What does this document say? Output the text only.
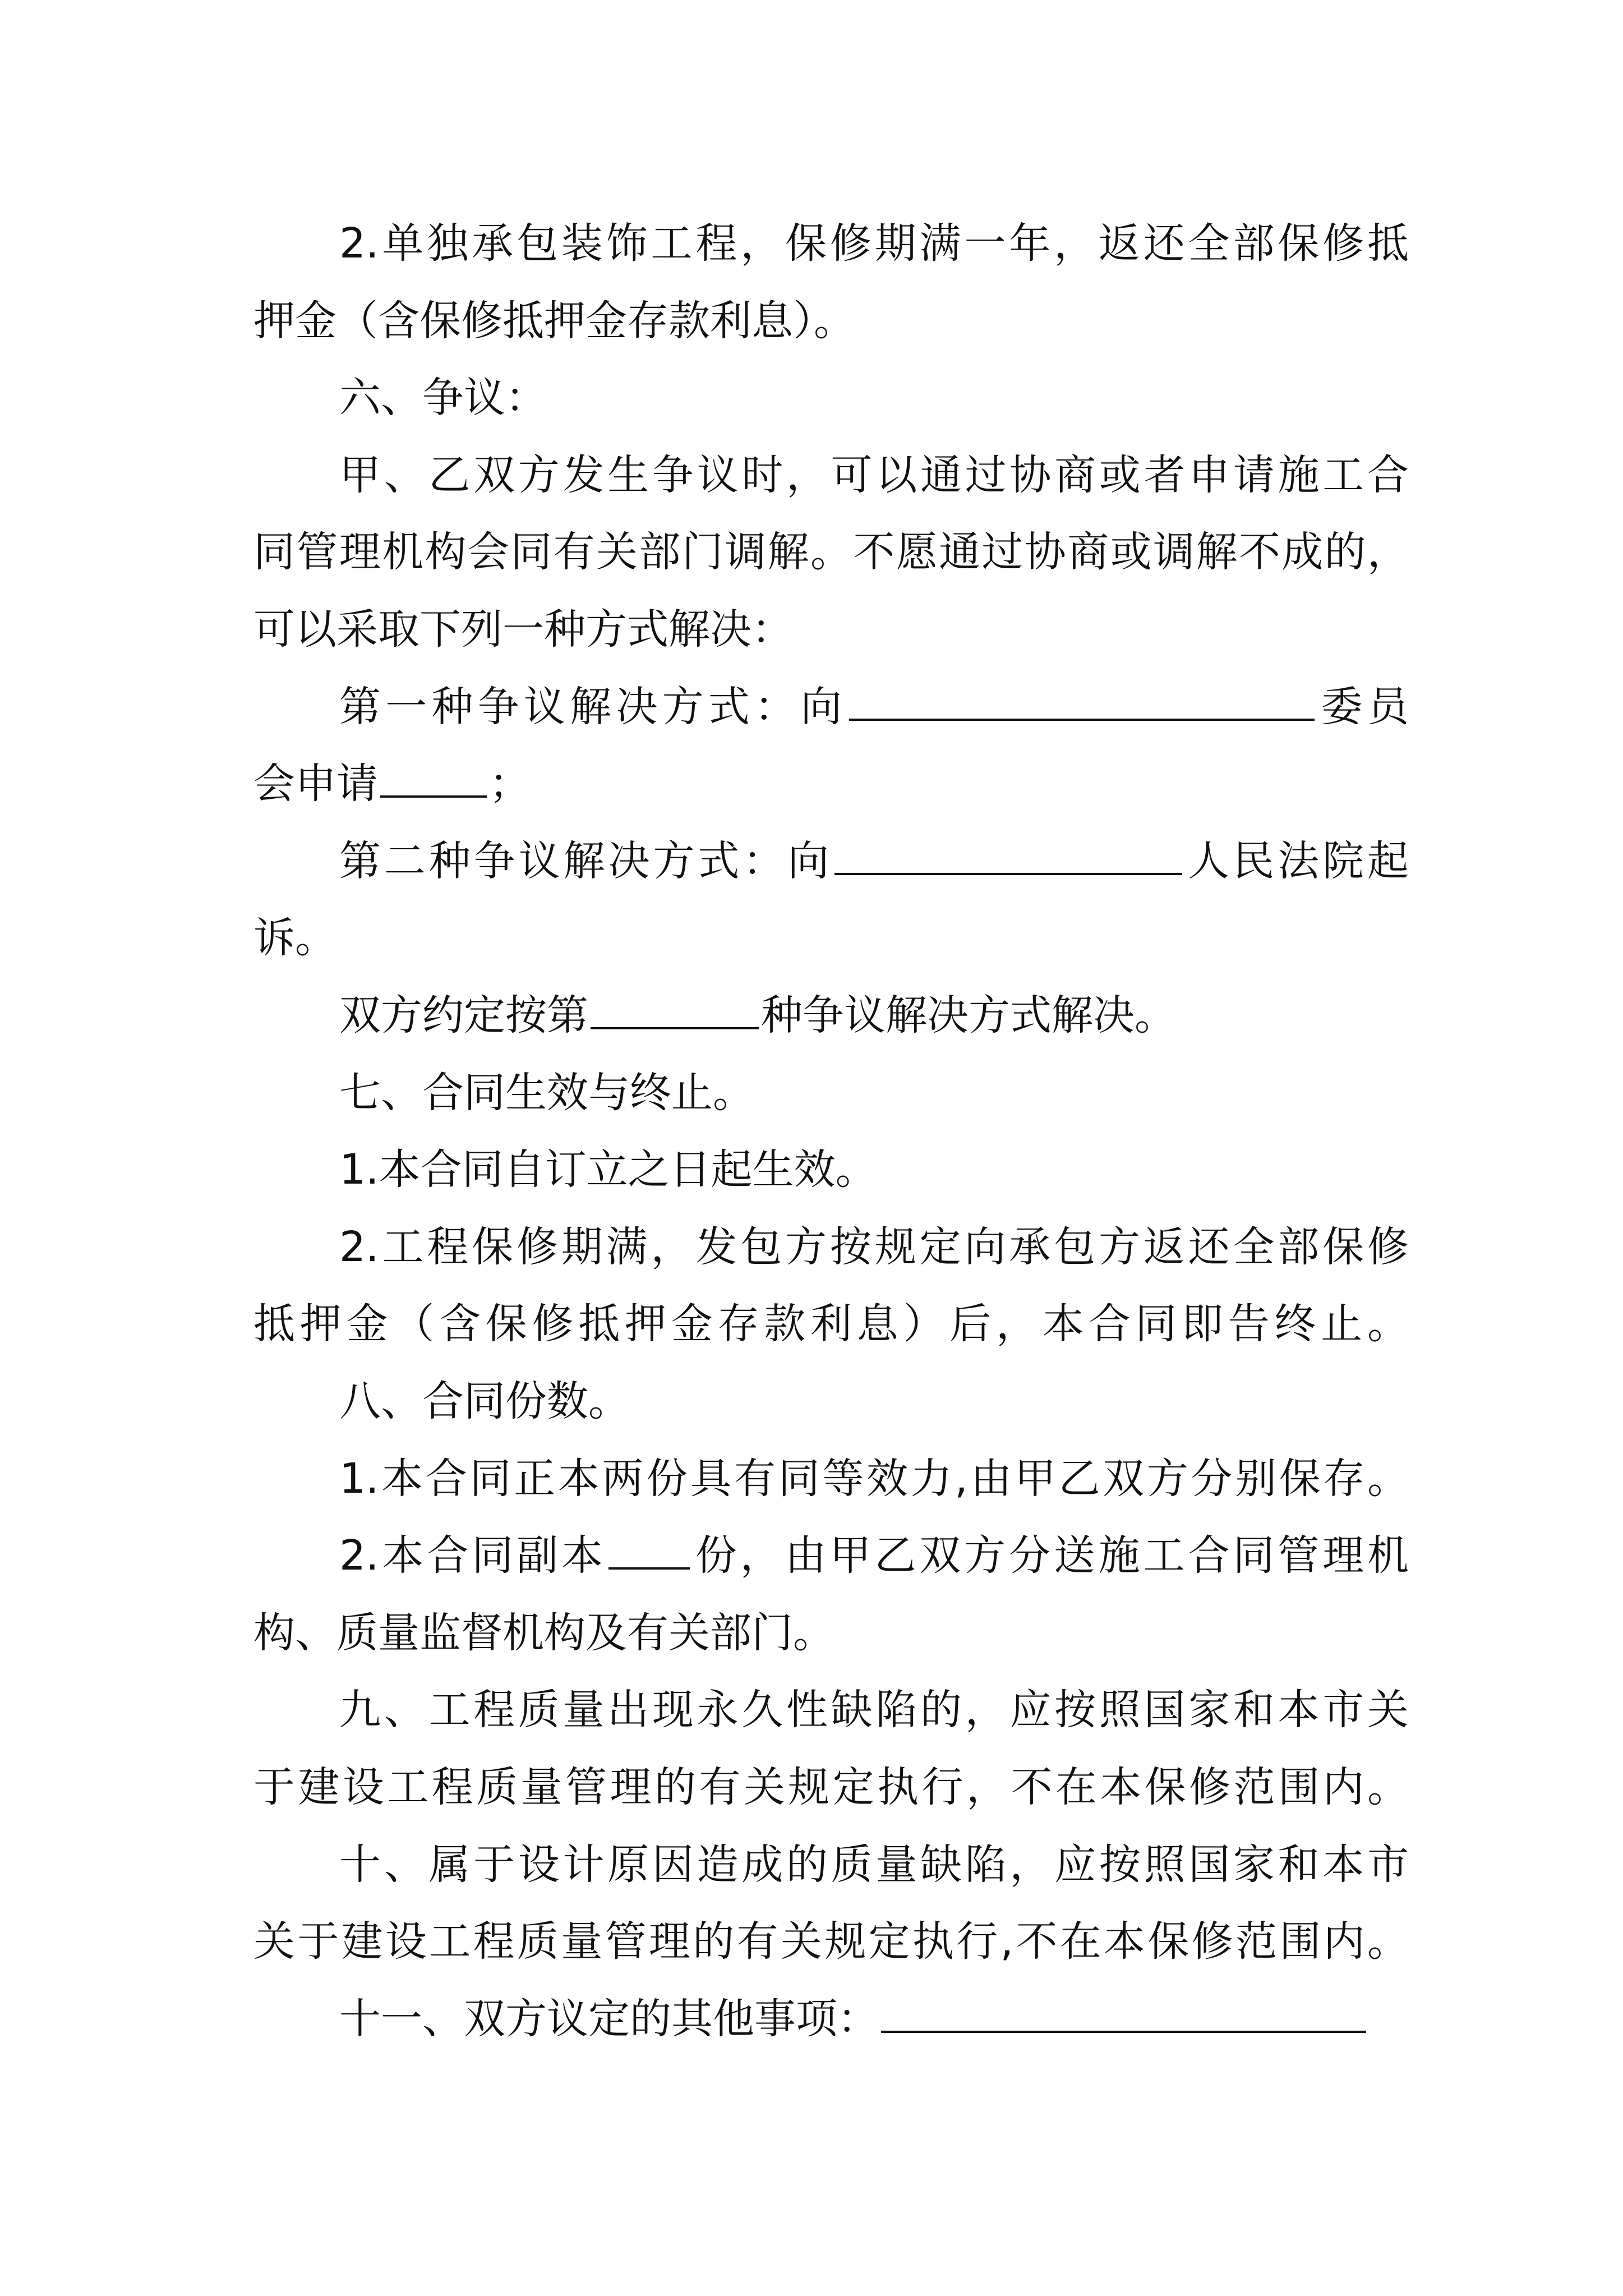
2.单独承包装饰工程，保修期满一年，返还全部保修抵
押金（含保修抵押金存款利息）。
六、争议：
甲、乙双方发生争议时，可以通过协商或者申请施工合
同管理机构会同有关部门调解。不愿通过协商或调解不成的，
可以采取下列一种方式解决：
第一种争议解决方式：向	委员
会申请	；
第二种争议解决方式：向	人民法院起
诉。
双方约定按第	种争议解决方式解决。
七、合同生效与终止。
1.本合同自订立之日起生效。
2.工程保修期满，发包方按规定向承包方返还全部保修
抵押金（含保修抵押金存款利息）后，本合同即告终止。
八、合同份数。
1.本合同正本两份具有同等效力,由甲乙双方分别保存。
2.本合同副本 份，由甲乙双方分送施工合同管理机
构、质量监督机构及有关部门。
九、工程质量出现永久性缺陷的，应按照国家和本市关
于建设工程质量管理的有关规定执行，不在本保修范围内。
十、属于设计原因造成的质量缺陷，应按照国家和本市
关于建设工程质量管理的有关规定执行,不在本保修范围内。
十一、双方议定的其他事项：
